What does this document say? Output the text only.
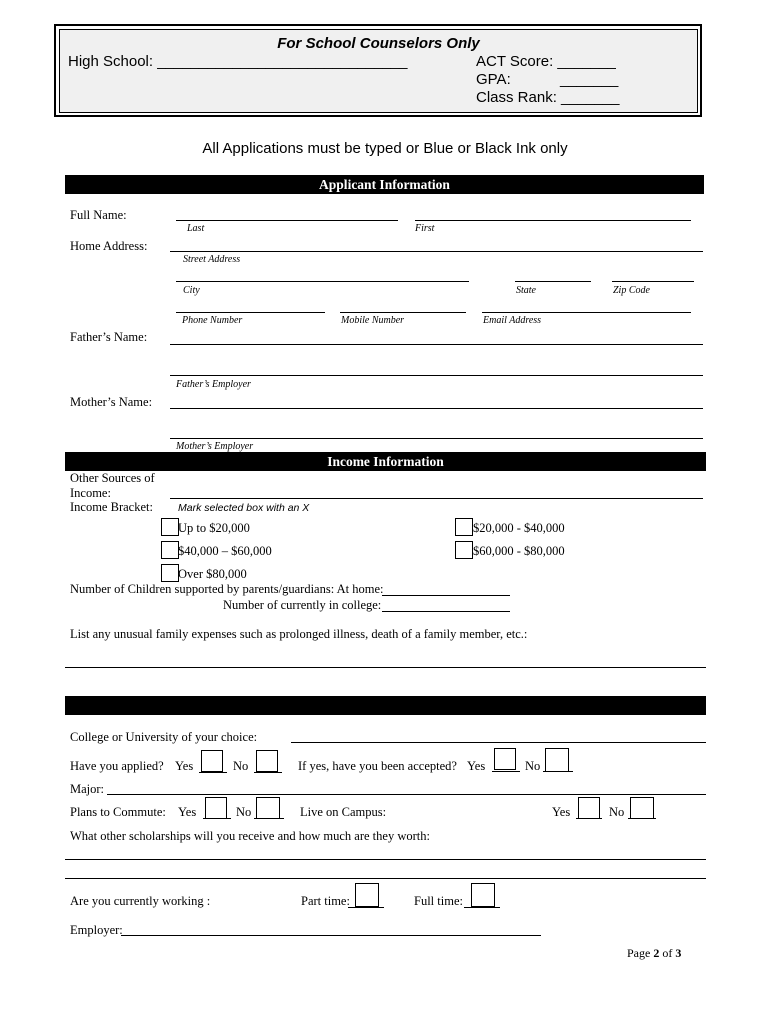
For School Counselors Only
High School: ______________________________	ACT Score: _______
GPA:	_______
Class Rank: _______
All Applications must be typed or Blue or Black Ink only
Applicant Information
Full Name:
Last	First
Home Address:
Street Address
City	State	Zip Code
Phone Number	Mobile Number	Email Address
Father’s Name:
Father’s Employer
Mother’s Name:
Mother’s Employer
Income Information
Other Sources of
Income:
Income Bracket: Mark selected box with an X
Up to $20,000	$20,000 - $40,000
$40,000 – $60,000	$60,000 - $80,000
Over $80,000
Number of Children supported by parents/guardians: At home:
Number of currently in college:
List any unusual family expenses such as prolonged illness, death of a family member, etc.:
College or University of your choice:
Have you applied? Yes	No	If yes, have you been accepted? Yes	No
Major:
Plans to Commute: Yes	No	Live on Campus:	Yes	No
What other scholarships will you receive and how much are they worth:
Are you currently working :	Part time:	Full time:
Employer:
Page 2 of 3
